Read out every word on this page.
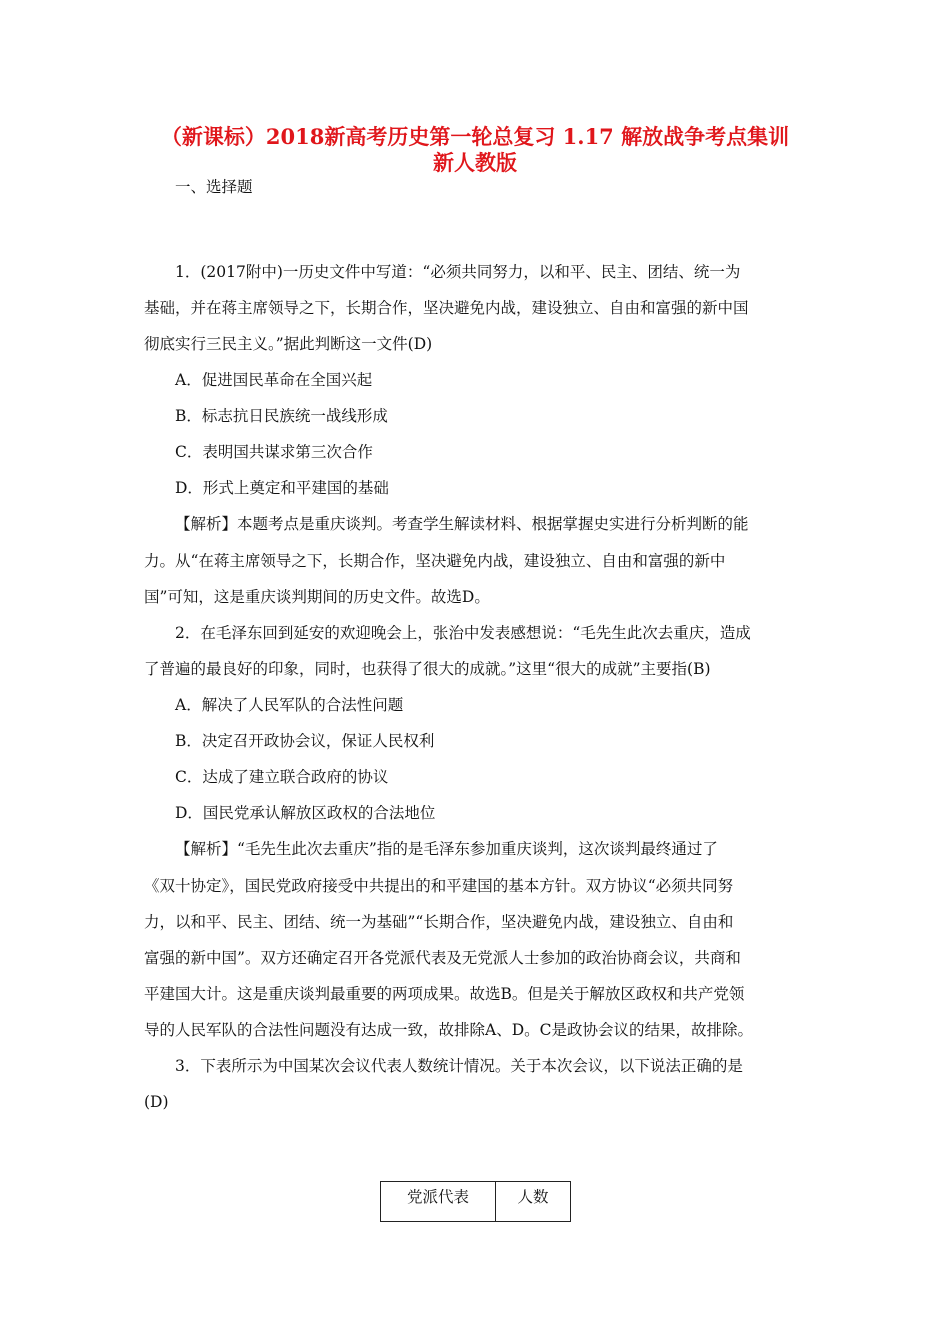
（新课标）2018新高考历史第一轮总复习 1.17 解放战争考点集训
新人教版
一、选择题
1．(2017附中)一历史文件中写道：“必须共同努力，以和平、民主、团结、统一为
基础，并在蒋主席领导之下，长期合作，坚决避免内战，建设独立、自由和富强的新中国
彻底实行三民主义。”据此判断这一文件(D)
A．促进国民革命在全国兴起
B．标志抗日民族统一战线形成
C．表明国共谋求第三次合作
D．形式上奠定和平建国的基础
【解析】本题考点是重庆谈判。考查学生解读材料、根据掌握史实进行分析判断的能
力。从“在蒋主席领导之下，长期合作，坚决避免内战，建设独立、自由和富强的新中
国”可知，这是重庆谈判期间的历史文件。故选D。
2．在毛泽东回到延安的欢迎晚会上，张治中发表感想说：“毛先生此次去重庆，造成
了普遍的最良好的印象，同时，也获得了很大的成就。”这里“很大的成就”主要指(B)
A．解决了人民军队的合法性问题
B．决定召开政协会议，保证人民权利
C．达成了建立联合政府的协议
D．国民党承认解放区政权的合法地位
【解析】“毛先生此次去重庆”指的是毛泽东参加重庆谈判，这次谈判最终通过了
《双十协定》，国民党政府接受中共提出的和平建国的基本方针。双方协议“必须共同努
力，以和平、民主、团结、统一为基础”“长期合作，坚决避免内战，建设独立、自由和
富强的新中国”。双方还确定召开各党派代表及无党派人士参加的政治协商会议，共商和
平建国大计。这是重庆谈判最重要的两项成果。故选B。但是关于解放区政权和共产党领
导的人民军队的合法性问题没有达成一致，故排除A、D。C是政协会议的结果，故排除。
3．下表所示为中国某次会议代表人数统计情况。关于本次会议，以下说法正确的是
(D)
党派代表	人数
